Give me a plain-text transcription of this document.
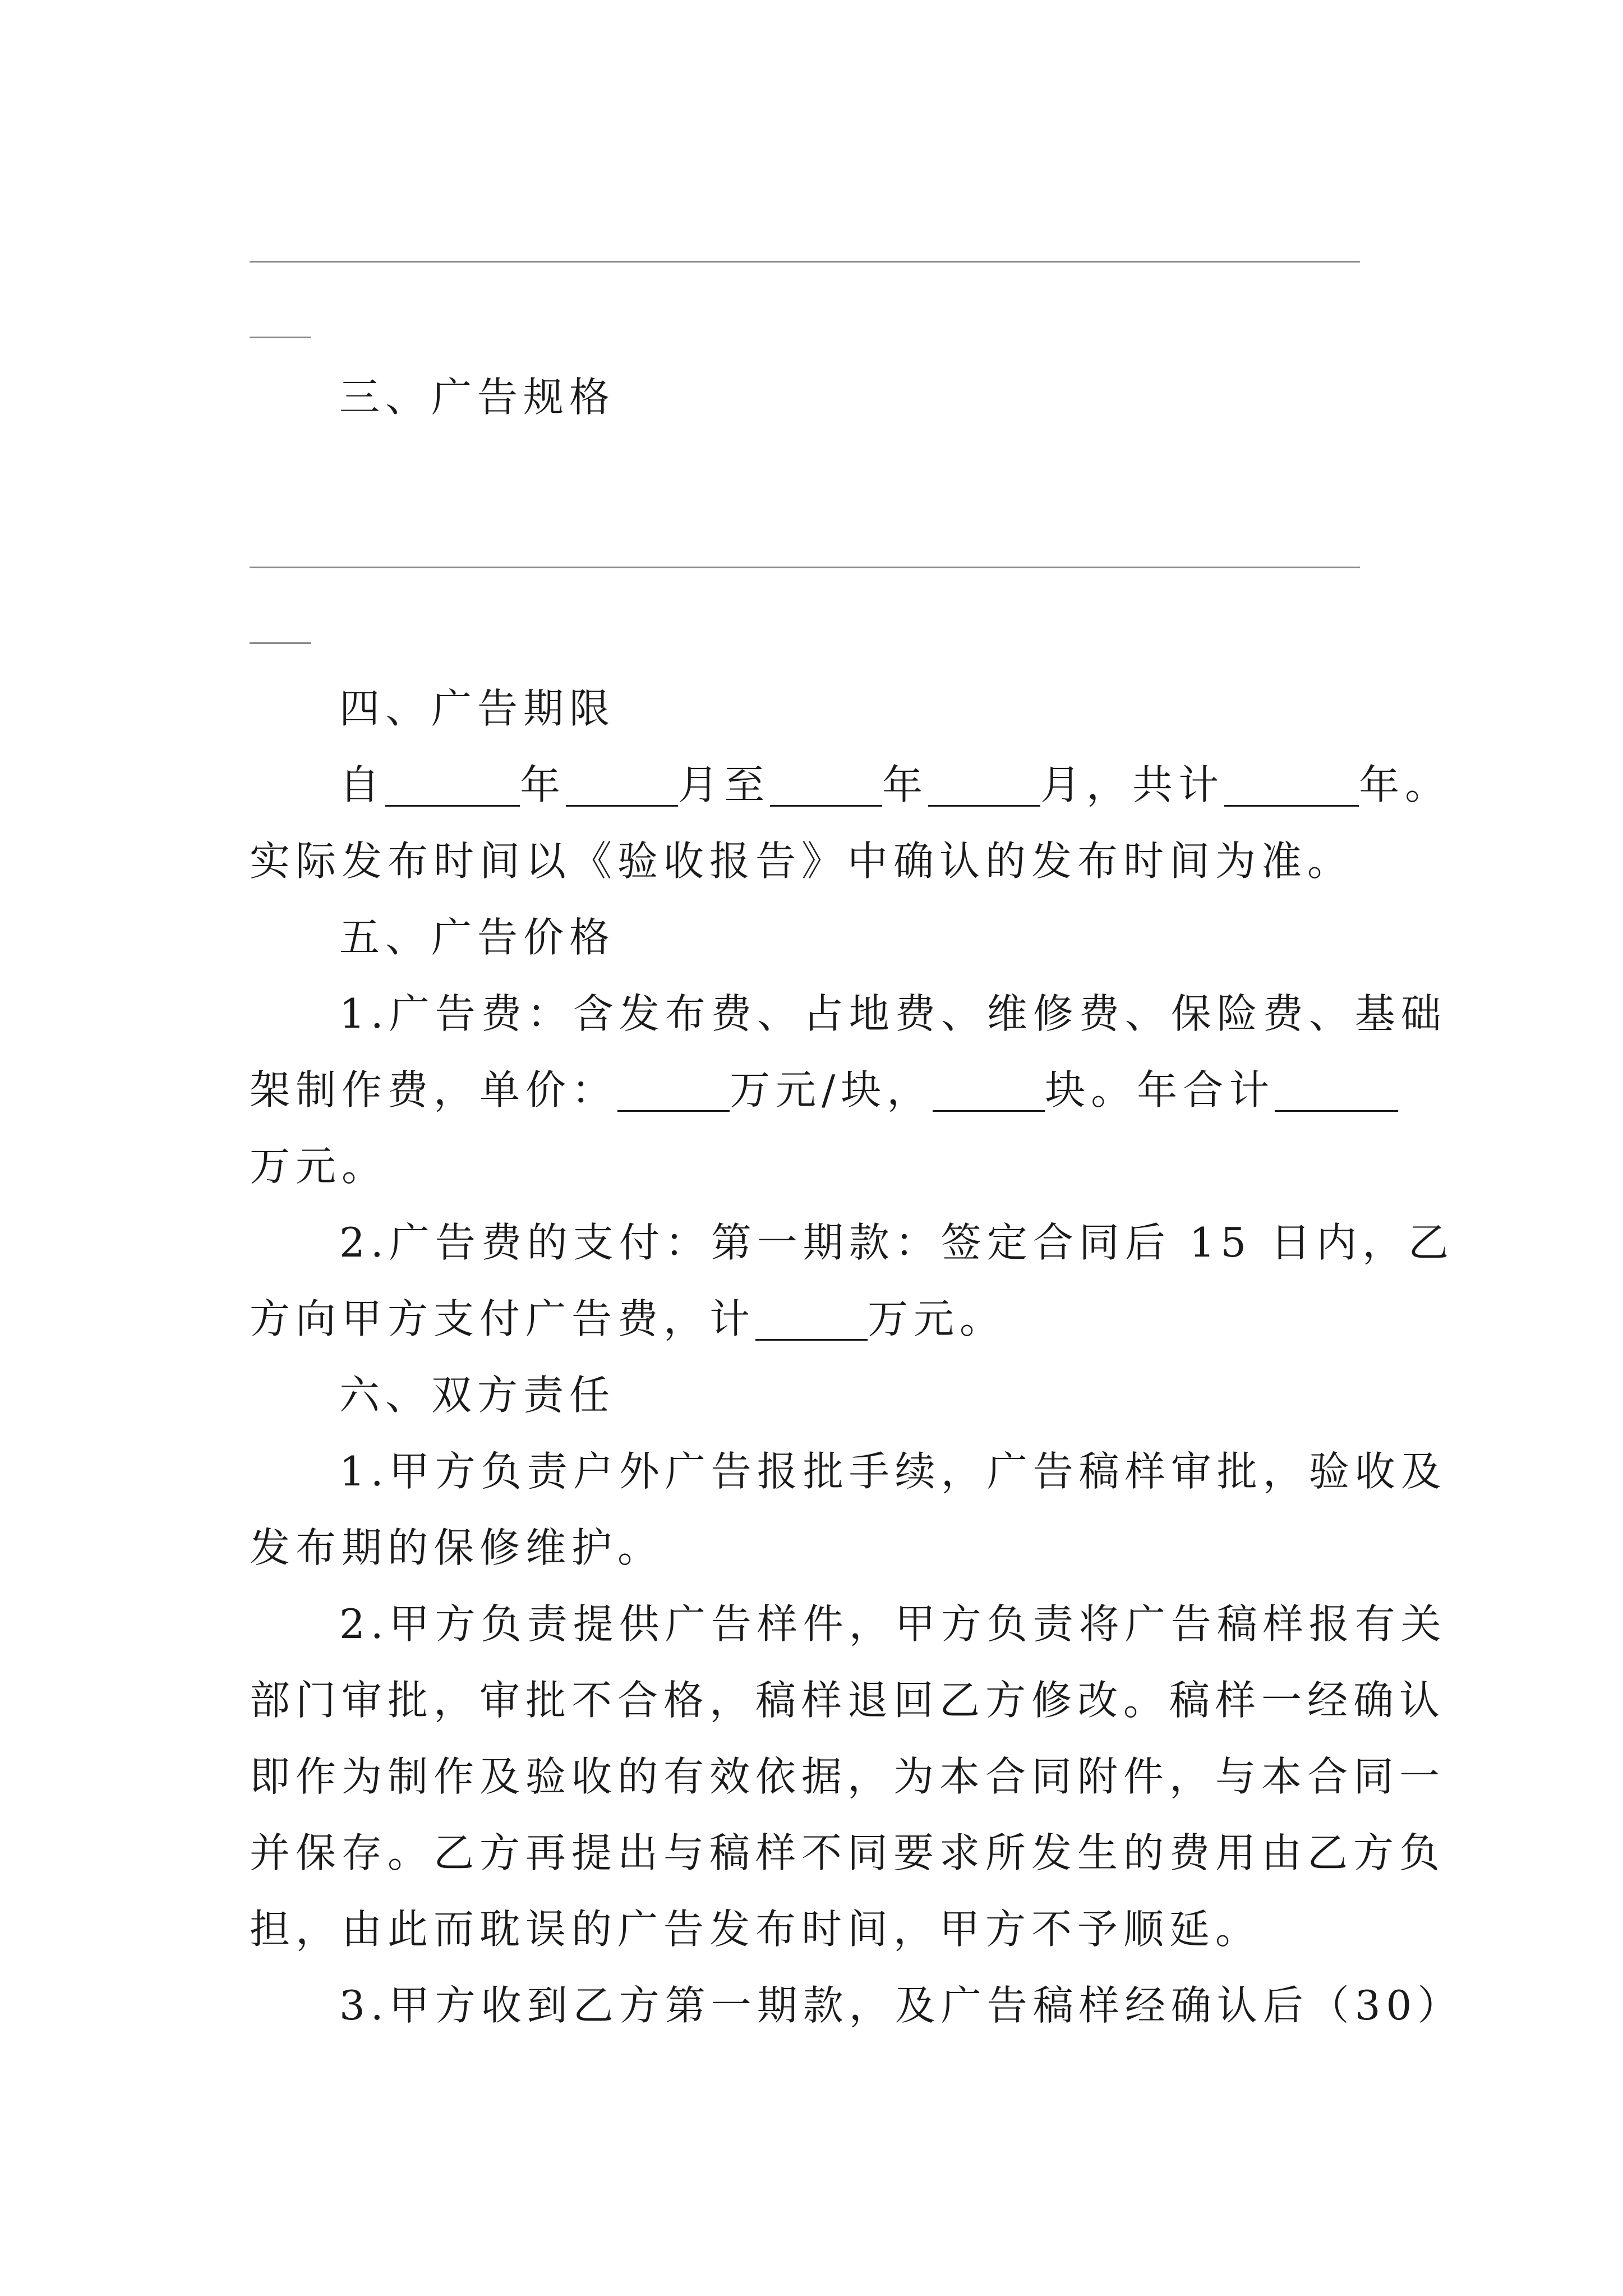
三、广告规格
四、广告期限
自	年	月至	年	月，共计	年。
实际发布时间以《验收报告》中确认的发布时间为准。
五、广告价格
1.广告费：含发布费、占地费、维修费、保险费、基础
架制作费，单价：	万元/块，	块。年合计
万元。
2.广告费的支付：第一期款：签定合同后 15 日内，乙
方向甲方支付广告费，计	万元。
六、双方责任
1.甲方负责户外广告报批手续，广告稿样审批，验收及
发布期的保修维护。
2.甲方负责提供广告样件，甲方负责将广告稿样报有关
部门审批，审批不合格，稿样退回乙方修改。稿样一经确认
即作为制作及验收的有效依据，为本合同附件，与本合同一
并保存。乙方再提出与稿样不同要求所发生的费用由乙方负
担，由此而耽误的广告发布时间，甲方不予顺延。
3.甲方收到乙方第一期款，及广告稿样经确认后（30）
